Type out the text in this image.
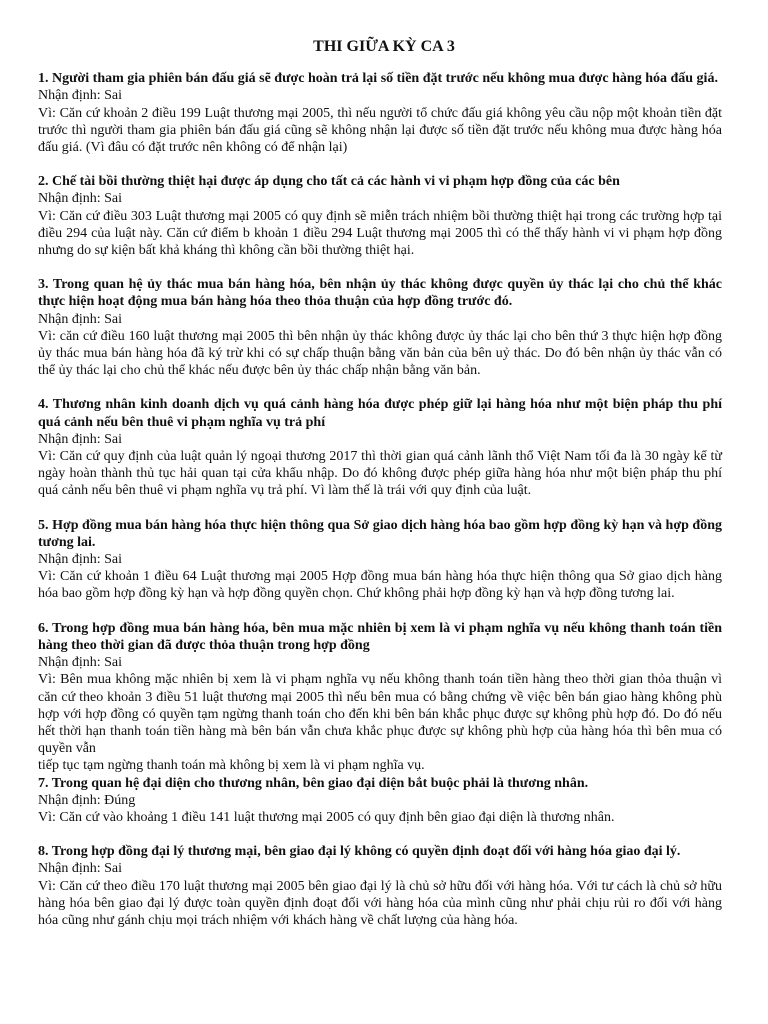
THI GIỮA KỲ CA 3
1. Người tham gia phiên bán đấu giá sẽ được hoàn trả lại số tiền đặt trước nếu không mua được hàng hóa đấu giá.
Nhận định: Sai
Vì: Căn cứ khoản 2 điều 199 Luật thương mại 2005, thì nếu người tổ chức đấu giá không yêu cầu nộp một khoản tiền đặt trước thì người tham gia phiên bán đấu giá cũng sẽ không nhận lại được số tiền đặt trước nếu không mua được hàng hóa đấu giá. (Vì đâu có đặt trước nên không có để nhận lại)
2. Chế tài bồi thường thiệt hại được áp dụng cho tất cả các hành vi vi phạm hợp đồng của các bên
Nhận định: Sai
Vì: Căn cứ điều 303 Luật thương mại 2005 có quy định sẽ miễn trách nhiệm bồi thường thiệt hại trong các trường hợp tại điều 294 của luật này. Căn cứ điểm b khoản 1 điều 294 Luật thương mại 2005 thì có thể thấy hành vi vi phạm hợp đồng nhưng do sự kiện bất khả kháng thì không cần bồi thường thiệt hại.
3. Trong quan hệ ủy thác mua bán hàng hóa, bên nhận ủy thác không được quyền ủy thác lại cho chủ thể khác thực hiện hoạt động mua bán hàng hóa theo thỏa thuận của hợp đồng trước đó.
Nhận định: Sai
Vì: căn cứ điều 160 luật thương mại 2005 thì bên nhận ủy thác không được ủy thác lại cho bên thứ 3 thực hiện hợp đồng ủy thác mua bán hàng hóa đã ký trừ khi có sự chấp thuận bằng văn bản của bên uỷ thác. Do đó bên nhận ủy thác vẫn có thể ủy thác lại cho chủ thể khác nếu được bên ủy thác chấp nhận bằng văn bản.
4. Thương nhân kinh doanh dịch vụ quá cảnh hàng hóa được phép giữ lại hàng hóa như một biện pháp thu phí quá cảnh nếu bên thuê vi phạm nghĩa vụ trả phí
Nhận định: Sai
Vì: Căn cứ quy định của luật quản lý ngoại thương 2017 thì thời gian quá cảnh lãnh thổ Việt Nam tối đa là 30 ngày kể từ ngày hoàn thành thủ tục hải quan tại cửa khẩu nhập. Do đó không được phép giữa hàng hóa như một biện pháp thu phí quá cảnh nếu bên thuê vi phạm nghĩa vụ trả phí. Vì làm thế là trái với quy định của luật.
5. Hợp đồng mua bán hàng hóa thực hiện thông qua Sở giao dịch hàng hóa bao gồm hợp đồng kỳ hạn và hợp đồng tương lai.
Nhận định: Sai
Vì: Căn cứ khoản 1 điều 64 Luật thương mại 2005 Hợp đồng mua bán hàng hóa thực hiện thông qua Sở giao dịch hàng hóa bao gồm hợp đồng kỳ hạn và hợp đồng quyền chọn. Chứ không phải hợp đồng kỳ hạn và hợp đồng tương lai.
6. Trong hợp đồng mua bán hàng hóa, bên mua mặc nhiên bị xem là vi phạm nghĩa vụ nếu không thanh toán tiền hàng theo thời gian đã được thỏa thuận trong hợp đồng
Nhận định: Sai
Vì: Bên mua không mặc nhiên bị xem là vi phạm nghĩa vụ nếu không thanh toán tiền hàng theo thời gian thỏa thuận vì căn cứ theo khoản 3 điều 51 luật thương mại 2005 thì nếu bên mua có bằng chứng về việc bên bán giao hàng không phù hợp với hợp đồng có quyền tạm ngừng thanh toán cho đến khi bên bán khắc phục được sự không phù hợp đó. Do đó nếu hết thời hạn thanh toán tiền hàng mà bên bán vẫn chưa khắc phục được sự không phù hợp của hàng hóa thì bên mua có quyền vẫn
tiếp tục tạm ngừng thanh toán mà không bị xem là vi phạm nghĩa vụ.
7. Trong quan hệ đại diện cho thương nhân, bên giao đại diện bắt buộc phải là thương nhân.
Nhận định: Đúng
Vì: Căn cứ vào khoảng 1 điều 141 luật thương mại 2005 có quy định bên giao đại diện là thương nhân.
8. Trong hợp đồng đại lý thương mại, bên giao đại lý không có quyền định đoạt đối với hàng hóa giao đại lý.
Nhận định: Sai
Vì: Căn cứ theo điều 170 luật thương mại 2005 bên giao đại lý là chủ sở hữu đối với hàng hóa. Với tư cách là chủ sở hữu hàng hóa bên giao đại lý được toàn quyền định đoạt đối với hàng hóa của mình cũng như phải chịu rủi ro đối với hàng hóa cũng như gánh chịu mọi trách nhiệm với khách hàng về chất lượng của hàng hóa.
